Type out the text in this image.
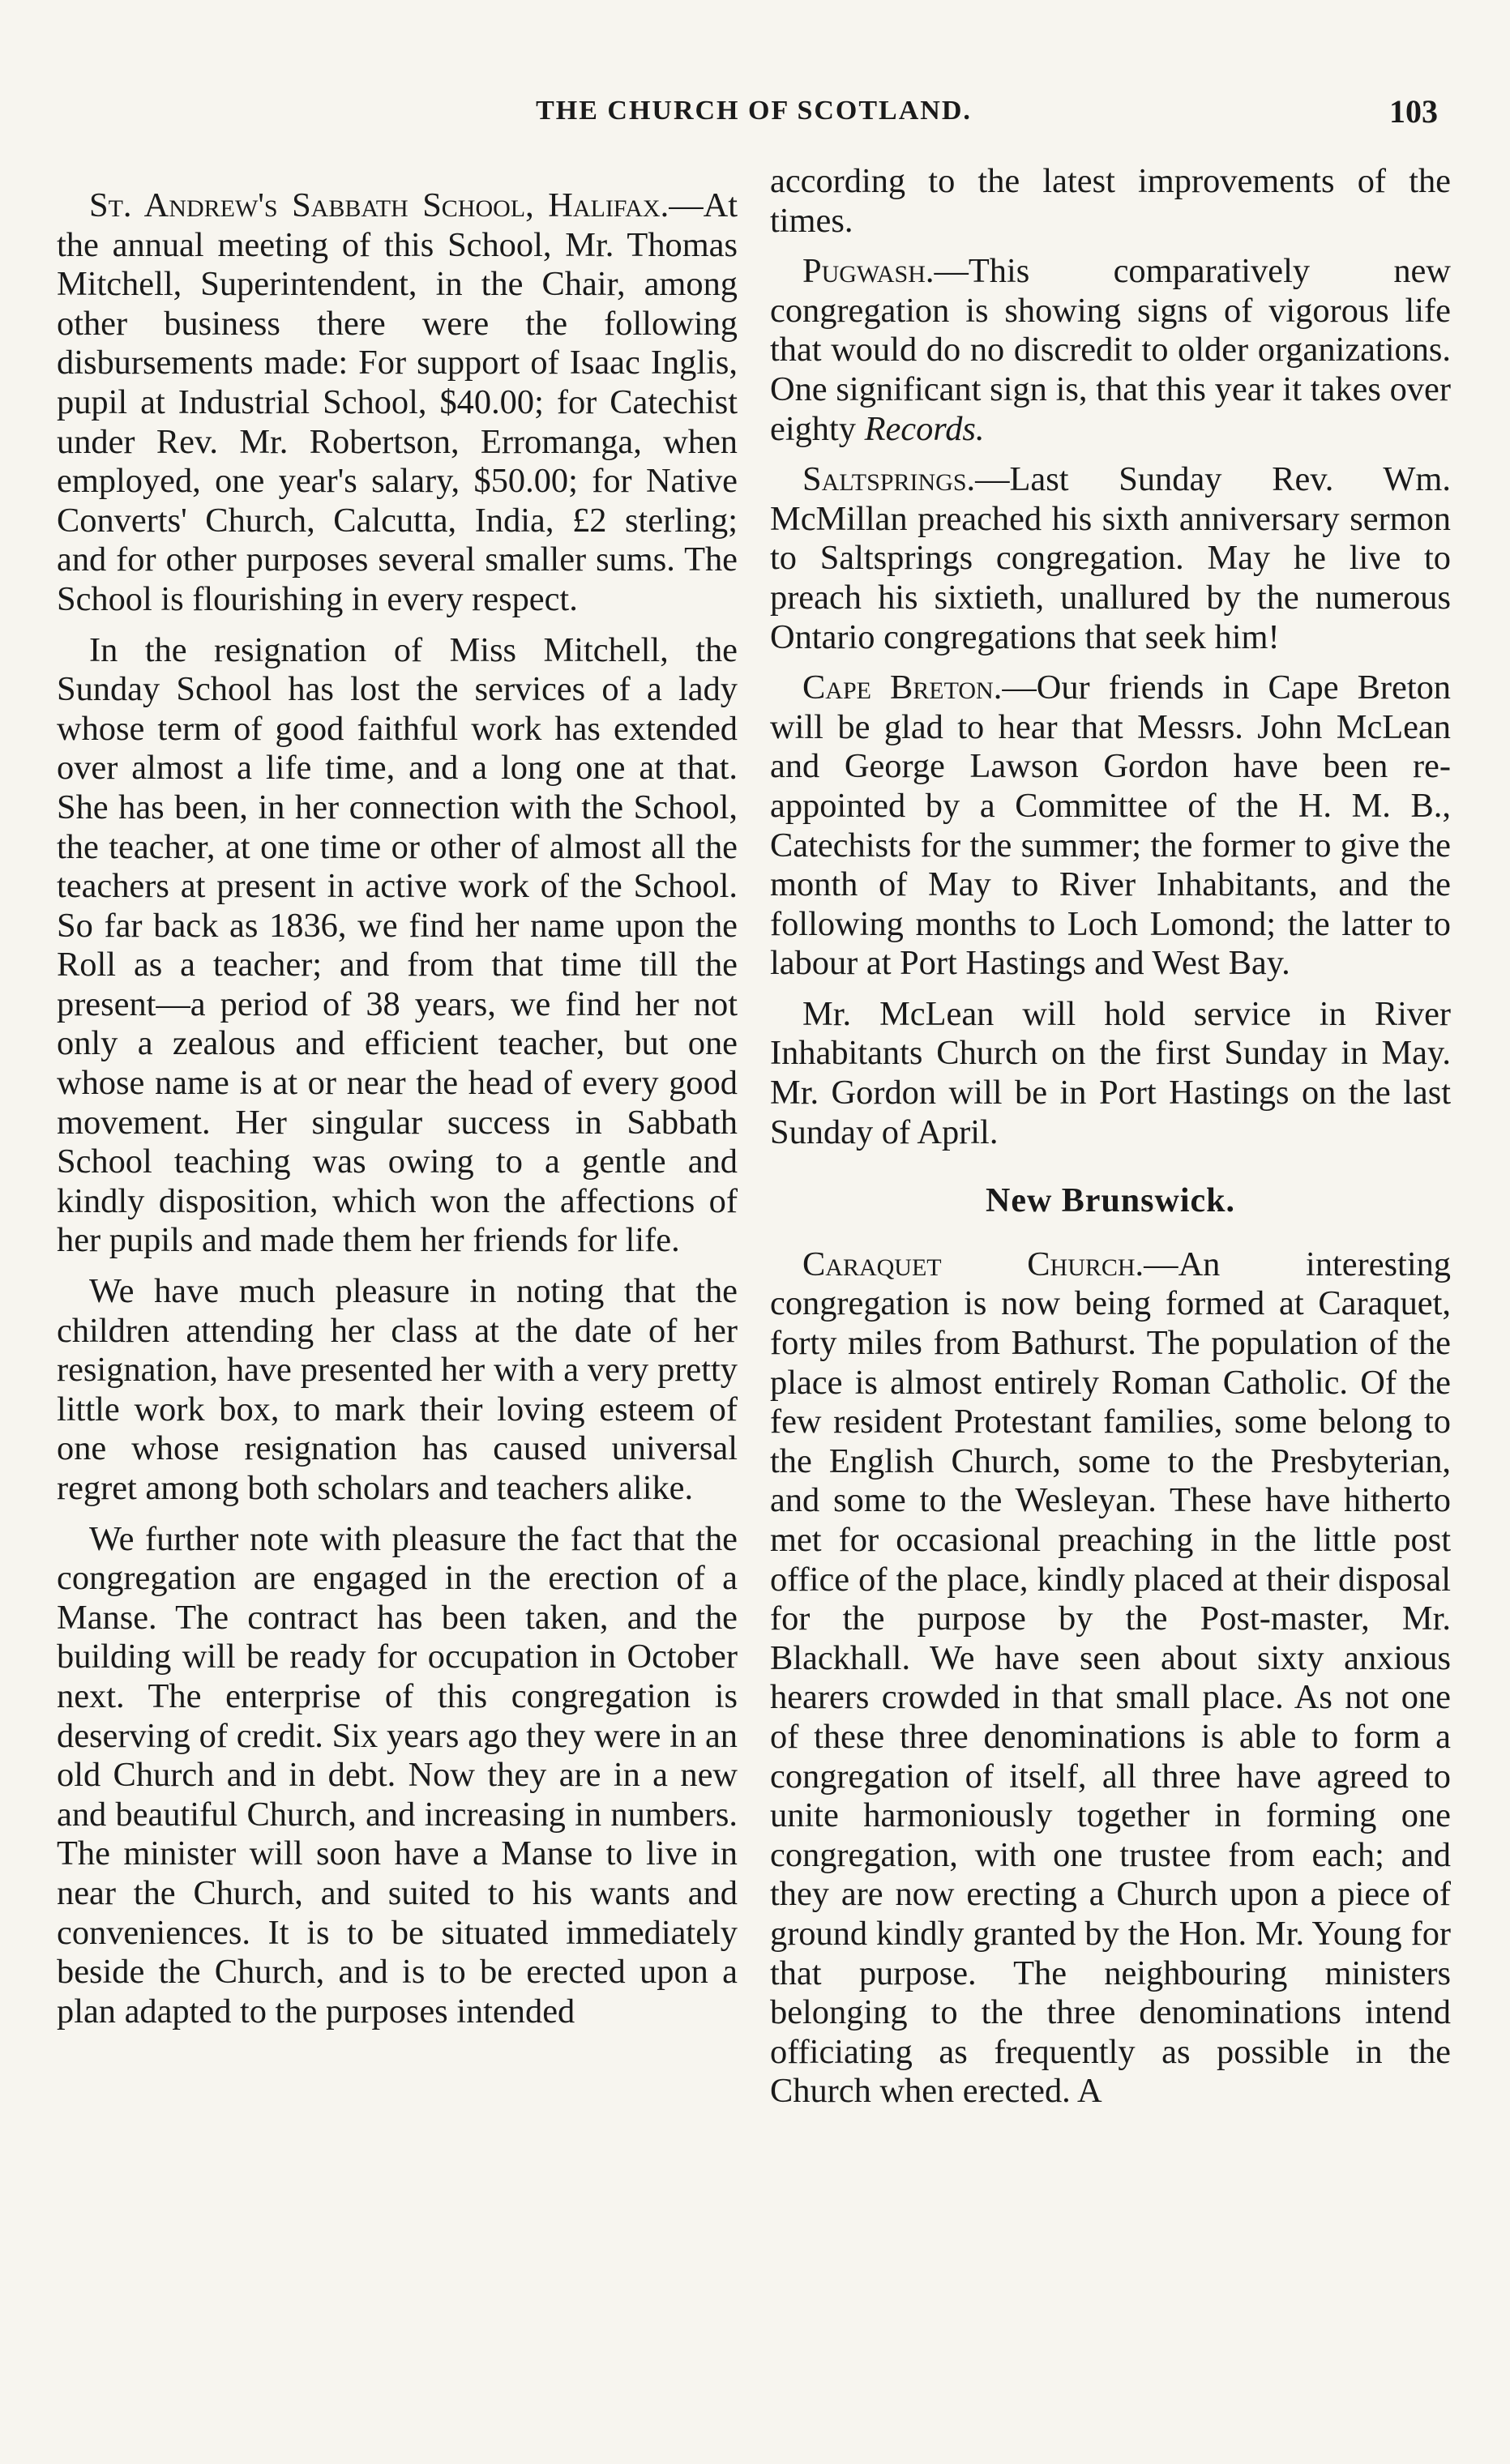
THE CHURCH OF SCOTLAND.	103

St. Andrew's Sabbath School, Halifax.—At the annual meeting of this School, Mr. Thomas Mitchell, Superintendent, in the Chair, among other business there were the following disbursements made: For support of Isaac Inglis, pupil at Industrial School, $40.00; for Catechist under Rev. Mr. Robertson, Erromanga, when employed, one year's salary, $50.00; for Native Converts' Church, Calcutta, India, £2 sterling; and for other purposes several smaller sums. The School is flourishing in every respect.

In the resignation of Miss Mitchell, the Sunday School has lost the services of a lady whose term of good faithful work has extended over almost a life time, and a long one at that. She has been, in her connection with the School, the teacher, at one time or other of almost all the teachers at present in active work of the School. So far back as 1836, we find her name upon the Roll as a teacher; and from that time till the present—a period of 38 years, we find her not only a zealous and efficient teacher, but one whose name is at or near the head of every good movement. Her singular success in Sabbath School teaching was owing to a gentle and kindly disposition, which won the affections of her pupils and made them her friends for life.

We have much pleasure in noting that the children attending her class at the date of her resignation, have presented her with a very pretty little work box, to mark their loving esteem of one whose resignation has caused universal regret among both scholars and teachers alike.

We further note with pleasure the fact that the congregation are engaged in the erection of a Manse. The contract has been taken, and the building will be ready for occupation in October next. The enterprise of this congregation is deserving of credit. Six years ago they were in an old Church and in debt. Now they are in a new and beautiful Church, and increasing in numbers. The minister will soon have a Manse to live in near the Church, and suited to his wants and conveniences. It is to be situated immediately beside the Church, and is to be erected upon a plan adapted to the purposes intended

according to the latest improvements of the times.

Pugwash.—This comparatively new congregation is showing signs of vigorous life that would do no discredit to older organizations. One significant sign is, that this year it takes over eighty Records.

Saltsprings.—Last Sunday Rev. Wm. McMillan preached his sixth anniversary sermon to Saltsprings congregation. May he live to preach his sixtieth, unallured by the numerous Ontario congregations that seek him!

Cape Breton.—Our friends in Cape Breton will be glad to hear that Messrs. John McLean and George Lawson Gordon have been re-appointed by a Committee of the H. M. B., Catechists for the summer; the former to give the month of May to River Inhabitants, and the following months to Loch Lomond; the latter to labour at Port Hastings and West Bay.

Mr. McLean will hold service in River Inhabitants Church on the first Sunday in May. Mr. Gordon will be in Port Hastings on the last Sunday of April.

New Brunswick.

Caraquet Church.—An interesting congregation is now being formed at Caraquet, forty miles from Bathurst. The population of the place is almost entirely Roman Catholic. Of the few resident Protestant families, some belong to the English Church, some to the Presbyterian, and some to the Wesleyan. These have hitherto met for occasional preaching in the little post office of the place, kindly placed at their disposal for the purpose by the Post-master, Mr. Blackhall. We have seen about sixty anxious hearers crowded in that small place. As not one of these three denominations is able to form a congregation of itself, all three have agreed to unite harmoniously together in forming one congregation, with one trustee from each; and they are now erecting a Church upon a piece of ground kindly granted by the Hon. Mr. Young for that purpose. The neighbouring ministers belonging to the three denominations intend officiating as frequently as possible in the Church when erected. A
